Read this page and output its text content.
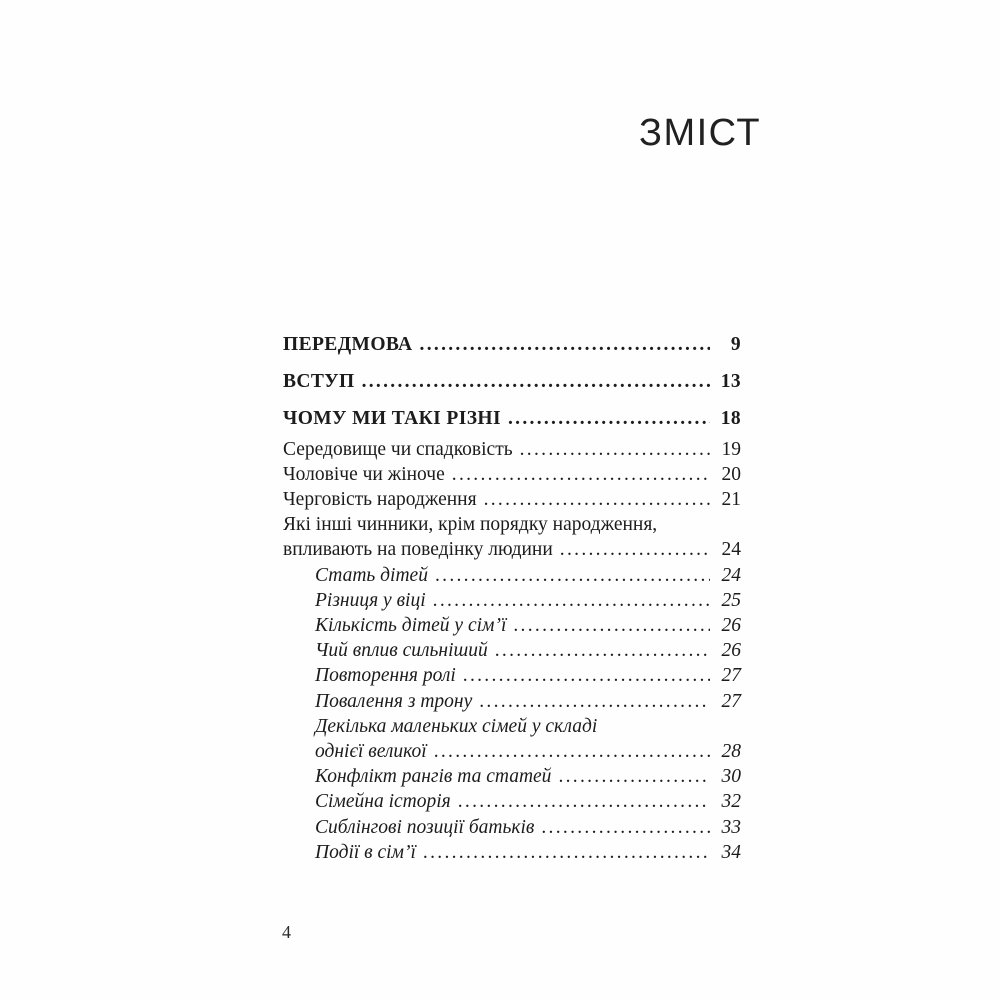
ЗМІСТ
ПЕРЕДМОВА .....	9
ВСТУП .....	13
ЧОМУ МИ ТАКІ РІЗНІ .....	18
Середовище чи спадковість .....	19
Чоловіче чи жіноче .....	20
Черговість народження .....	21
Які інші чинники, крім порядку народження,
впливають на поведінку людини .....	24
Стать дітей .....	24
Різниця у віці .....	25
Кількість дітей у сім’ї .....	26
Чий вплив сильніший .....	26
Повторення ролі .....	27
Повалення з трону .....	27
Декілька маленьких сімей у складі
однієї великої .....	28
Конфлікт рангів та статей .....	30
Сімейна історія .....	32
Сиблінгові позиції батьків .....	33
Події в сім’ї .....	34
4
